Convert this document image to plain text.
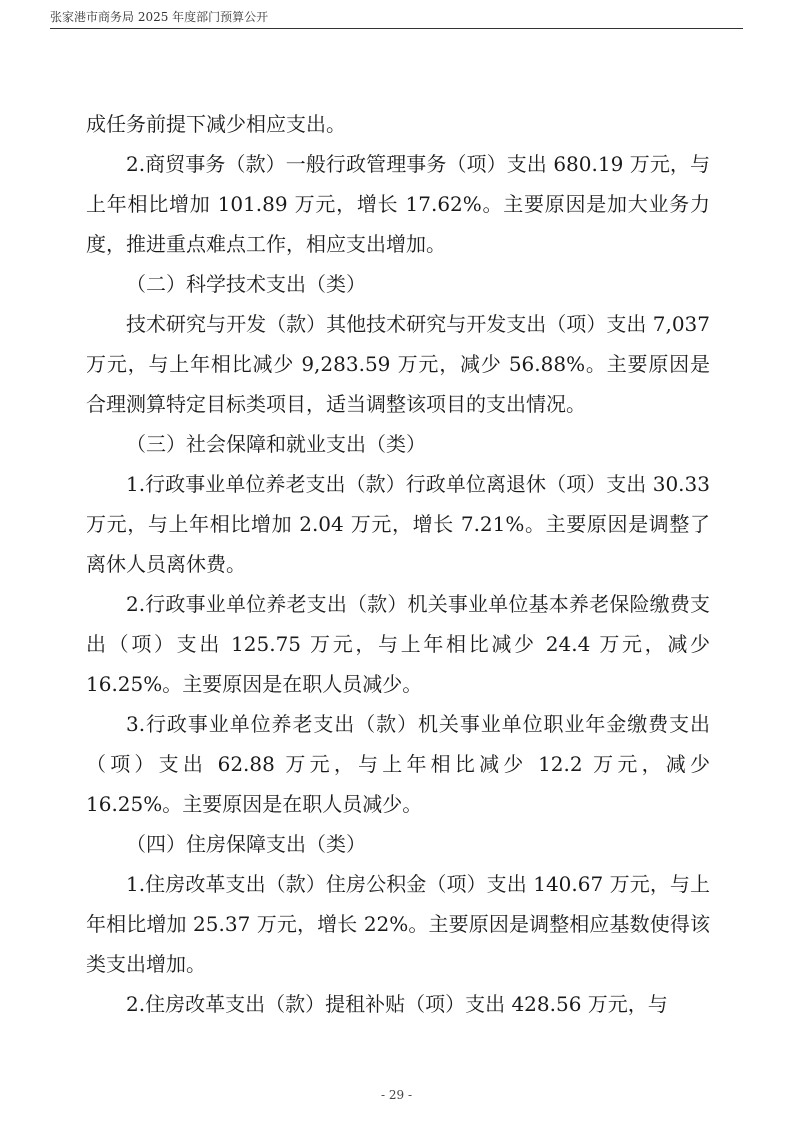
张家港市商务局 2025 年度部门预算公开

成任务前提下减少相应支出。

2.商贸事务（款）一般行政管理事务（项）支出 680.19 万元，与上年相比增加 101.89 万元，增长 17.62%。主要原因是加大业务力度，推进重点难点工作，相应支出增加。

（二）科学技术支出（类）

技术研究与开发（款）其他技术研究与开发支出（项）支出 7,037 万元，与上年相比减少 9,283.59 万元，减少 56.88%。主要原因是合理测算特定目标类项目，适当调整该项目的支出情况。

（三）社会保障和就业支出（类）

1.行政事业单位养老支出（款）行政单位离退休（项）支出 30.33 万元，与上年相比增加 2.04 万元，增长 7.21%。主要原因是调整了离休人员离休费。

2.行政事业单位养老支出（款）机关事业单位基本养老保险缴费支出（项）支出 125.75 万元，与上年相比减少 24.4 万元，减少 16.25%。主要原因是在职人员减少。

3.行政事业单位养老支出（款）机关事业单位职业年金缴费支出（项）支出 62.88 万元，与上年相比减少 12.2 万元，减少 16.25%。主要原因是在职人员减少。

（四）住房保障支出（类）

1.住房改革支出（款）住房公积金（项）支出 140.67 万元，与上年相比增加 25.37 万元，增长 22%。主要原因是调整相应基数使得该类支出增加。

2.住房改革支出（款）提租补贴（项）支出 428.56 万元，与

- 29 -
